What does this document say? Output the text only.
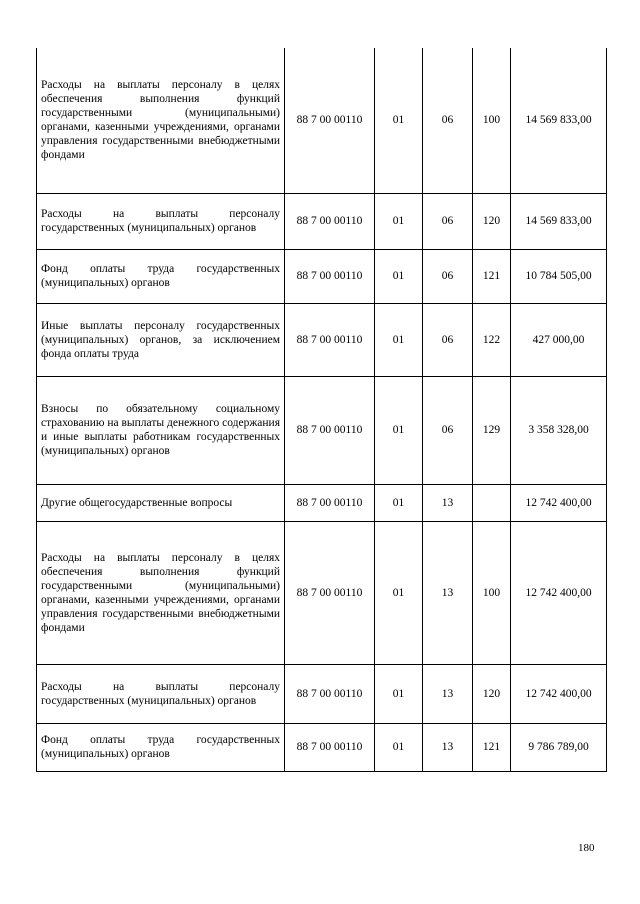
Расходы на выплаты персоналу в целях обеспечения выполнения функций государственными (муниципальными) органами, казенными учреждениями, органами управления государственными внебюджетными фондами	88 7 00 00110	01	06	100	14 569 833,00
Расходы на выплаты персоналу государственных (муниципальных) органов	88 7 00 00110	01	06	120	14 569 833,00
Фонд оплаты труда государственных (муниципальных) органов	88 7 00 00110	01	06	121	10 784 505,00
Иные выплаты персоналу государственных (муниципальных) органов, за исключением фонда оплаты труда	88 7 00 00110	01	06	122	427 000,00
Взносы по обязательному социальному страхованию на выплаты денежного содержания и иные выплаты работникам государственных (муниципальных) органов	88 7 00 00110	01	06	129	3 358 328,00
Другие общегосударственные вопросы	88 7 00 00110	01	13		12 742 400,00
Расходы на выплаты персоналу в целях обеспечения выполнения функций государственными (муниципальными) органами, казенными учреждениями, органами управления государственными внебюджетными фондами	88 7 00 00110	01	13	100	12 742 400,00
Расходы на выплаты персоналу государственных (муниципальных) органов	88 7 00 00110	01	13	120	12 742 400,00
Фонд оплаты труда государственных (муниципальных) органов	88 7 00 00110	01	13	121	9 786 789,00
180
